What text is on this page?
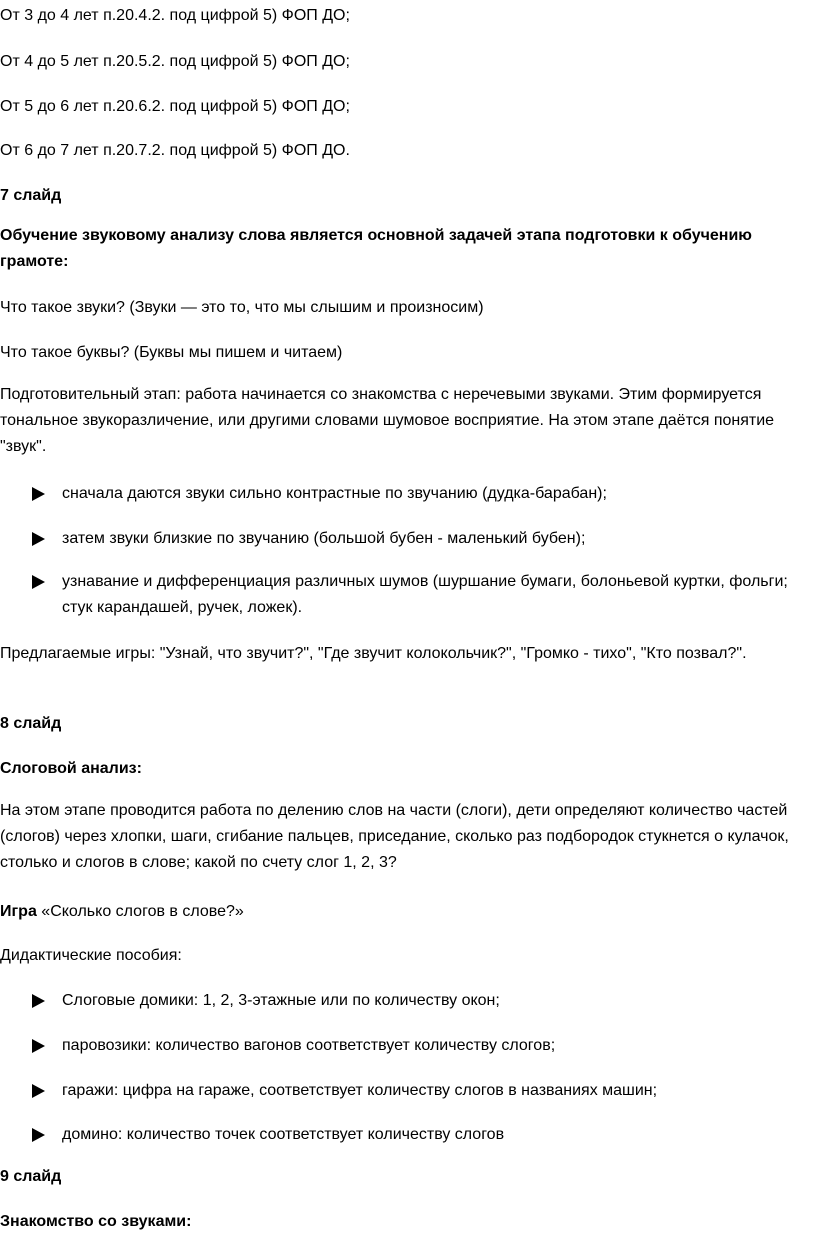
От 3 до 4 лет п.20.4.2. под цифрой 5) ФОП ДО;
От 4 до 5 лет п.20.5.2. под цифрой 5) ФОП ДО;
От 5 до 6 лет п.20.6.2. под цифрой 5) ФОП ДО;
От 6 до 7 лет п.20.7.2. под цифрой 5) ФОП ДО.
7 слайд
Обучение звуковому анализу слова является основной задачей этапа подготовки к обучению грамоте:
Что такое звуки? (Звуки — это то, что мы слышим и произносим)
Что такое буквы? (Буквы мы пишем и читаем)
Подготовительный этап: работа начинается со знакомства с неречевыми звуками. Этим формируется тональное звукоразличение, или другими словами шумовое восприятие. На этом этапе даётся понятие "звук".
сначала даются звуки сильно контрастные по звучанию (дудка-барабан);
затем звуки близкие по звучанию (большой бубен - маленький бубен);
узнавание и дифференциация различных шумов (шуршание бумаги, болоньевой куртки, фольги; стук карандашей, ручек, ложек).
Предлагаемые игры: "Узнай, что звучит?", "Где звучит колокольчик?", "Громко - тихо", "Кто позвал?".
8 слайд
Слоговой анализ:
На этом этапе проводится работа по делению слов на части (слоги), дети определяют количество частей (слогов) через хлопки, шаги, сгибание пальцев, приседание, сколько раз подбородок стукнется о кулачок, столько и слогов в слове; какой по счету слог 1, 2, 3?
Игра «Сколько слогов в слове?»
Дидактические пособия:
Слоговые домики: 1, 2, 3-этажные или по количеству окон;
паровозики: количество вагонов соответствует количеству слогов;
гаражи: цифра на гараже, соответствует количеству слогов в названиях машин;
домино: количество точек соответствует количеству слогов
9 слайд
Знакомство со звуками:
